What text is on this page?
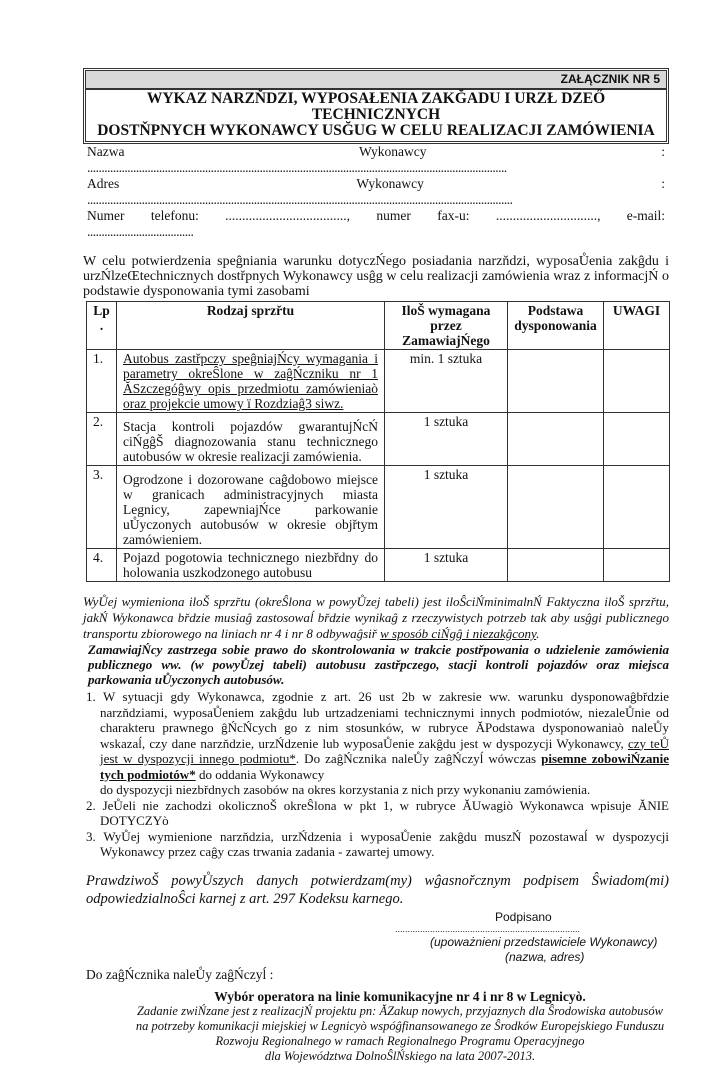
ZAŁĄCZNIK NR 5
WYKAZ NARZŇDZI, WYPOSAŁENIA ZAKĞADU I URZŁ DZEŐ TECHNICZNYCH
DOSTŇPNYCH WYKONAWCY USĞUG W CELU REALIZACJI ZAMÓWIENIA
Nazwa	Wykonawcy	:
..................................................................................................................................................
Adres	Wykonawcy	:
....................................................................................................................................................
Numer telefonu: ...................................., numer fax-u: .............................., e-mail:
.....................................

W celu potwierdzenia speĝniania warunku dotyczŃego posiadania narzňdzi, wyposaŮenia zakĝdu i urzŃlzeŒtechnicznych dostřpnych Wykonawcy usĝg w celu realizacji zamówienia wraz z informacjŃ o podstawie dysponowania tymi zasobami

Lp .	Rodzaj sprzřtu	IloŠ wymagana przez ZamawiajŃego	Podstawa dysponowania	UWAGI
1.	Autobus zastřpczy speĝniajŃcy wymagania i parametry okreŜlone w zaĝŃczniku nr 1 ĂSzczegóĝwy opis przedmiotu zamówieniaò oraz projekcie umowy ï Rozdziaĝ3 siwz.	min. 1 sztuka		
2.	Stacja kontroli pojazdów gwarantujŃcŃ ciŃgĝŠ diagnozowania stanu technicznego autobusów w okresie realizacji zamówienia.	1 sztuka		
3.	Ogrodzone i dozorowane caĝdobowo miejsce w granicach administracyjnych miasta Legnicy, zapewniajŃce parkowanie uŮyczonych autobusów w okresie objřtym zamówieniem.	1 sztuka		
4.	Pojazd pogotowia technicznego niezbřdny do holowania uszkodzonego autobusu	1 sztuka		

WyŮej wymieniona iloŠ sprzřtu (okreŜlona w powyŮzej tabeli) jest iloŜciŃminimalnŃ Faktyczna iloŠ sprzřtu, jakŃ Wykonawca břdzie musiaĝ zastosowaĺ břdzie wynikaĝ z rzeczywistych potrzeb tak aby usĝgi publicznego transportu zbiorowego na liniach nr 4 i nr 8 odbywaĝsiř w sposób ciŃgĝ i niezakĝcony.

ZamawiajŃcy zastrzega sobie prawo do skontrolowania w trakcie postřpowania o udzielenie zamówienia publicznego ww. (w powyŮzej tabeli) autobusu zastřpczego, stacji kontroli pojazdów oraz miejsca parkowania uŮyczonych autobusów.

1. W sytuacji gdy Wykonawca, zgodnie z art. 26 ust 2b w zakresie ww. warunku dysponowaĝbřdzie narzňdziami, wyposaŮeniem zakĝdu lub urtzadzeniami technicznymi innych podmiotów, niezaleŮnie od charakteru prawnego ĝŃcŃcych go z nim stosunków, w rubryce ĂPodstawa dysponowaniaò naleŮy wskazaĺ, czy dane narzňdzie, urzŃdzenie lub wyposaŮenie zakĝdu jest w dyspozycji Wykonawcy, czy teŮ jest w dyspozycji innego podmiotu*. Do zaĝŃcznika naleŮy zaĝŃczyĺ wówczas pisemne zobowiŃzanie tych podmiotów* do oddania Wykonawcy

do dyspozycji niezbřdnych zasobów na okres korzystania z nich przy wykonaniu zamówienia.

2. JeŮeli nie zachodzi okolicznoŠ okreŜlona w pkt 1, w rubryce ĂUwagiò Wykonawca wpisuje ĂNIE DOTYCZYò

3. WyŮej wymienione narzňdzia, urzŃdzenia i wyposaŮenie zakĝdu muszŃ pozostawaĺ w dyspozycji Wykonawcy przez caĝy czas trwania zadania - zawartej umowy.

PrawdziwoŠ powyŮszych danych potwierdzam(my) wĝasnořcznym podpisem Ŝwiadom(mi) odpowiedzialnoŜci karnej z art. 297 Kodeksu karnego.

Podpisano
..........................................................................
(upoważnieni przedstawiciele Wykonawcy)
(nazwa, adres)
Do zaĝŃcznika naleŮy zaĝŃczyĺ :
Wybór operatora na linie komunikacyjne nr 4 i nr 8 w Legnicyò.
Zadanie zwiŃzane jest z realizacjŃ projektu pn: ĂZakup nowych, przyjaznych dla Ŝrodowiska autobusów
na potrzeby komunikacji miejskiej w Legnicyò wspóĝfinansowanego ze Ŝrodków Europejskiego Funduszu
Rozwoju Regionalnego w ramach Regionalnego Programu Operacyjnego
dla Województwa DolnoŜlŃskiego na lata 2007-2013.
